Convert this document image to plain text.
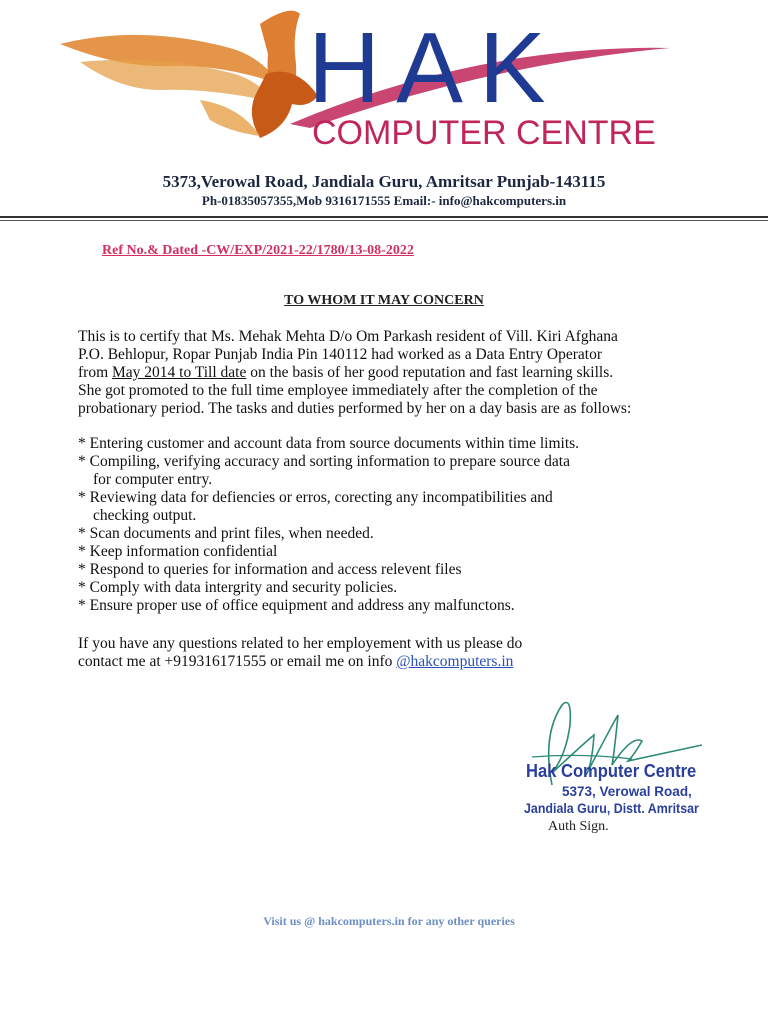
HAK
COMPUTER CENTRE
5373,Verowal Road, Jandiala Guru, Amritsar Punjab-143115
Ph-01835057355,Mob 9316171555 Email:- info@hakcomputers.in
Ref No.& Dated -CW/EXP/2021-22/1780/13-08-2022
TO WHOM IT MAY CONCERN
This is to certify that Ms. Mehak Mehta D/o Om Parkash resident of Vill. Kiri Afghana
P.O. Behlopur, Ropar Punjab India Pin 140112 had worked as a Data Entry Operator
from May 2014 to Till date on the basis of her good reputation and fast learning skills.
She got promoted to the full time employee immediately after the completion of the
probationary period. The tasks and duties performed by her on a day basis are as follows:
* Entering customer and account data from source documents within time limits.
* Compiling, verifying accuracy and sorting information to prepare source data
for computer entry.
* Reviewing data for defiencies or erros, corecting any incompatibilities and
checking output.
* Scan documents and print files, when needed.
* Keep information confidential
* Respond to queries for information and access relevent files
* Comply with data intergrity and security policies.
* Ensure proper use of office equipment and address any malfunctons.
If you have any questions related to her employement with us please do
contact me at +919316171555 or email me on info @hakcomputers.in
Hak Computer Centre
5373, Verowal Road,
Jandiala Guru, Distt. Amritsar
Auth Sign.
Visit us @ hakcomputers.in for any other queries
